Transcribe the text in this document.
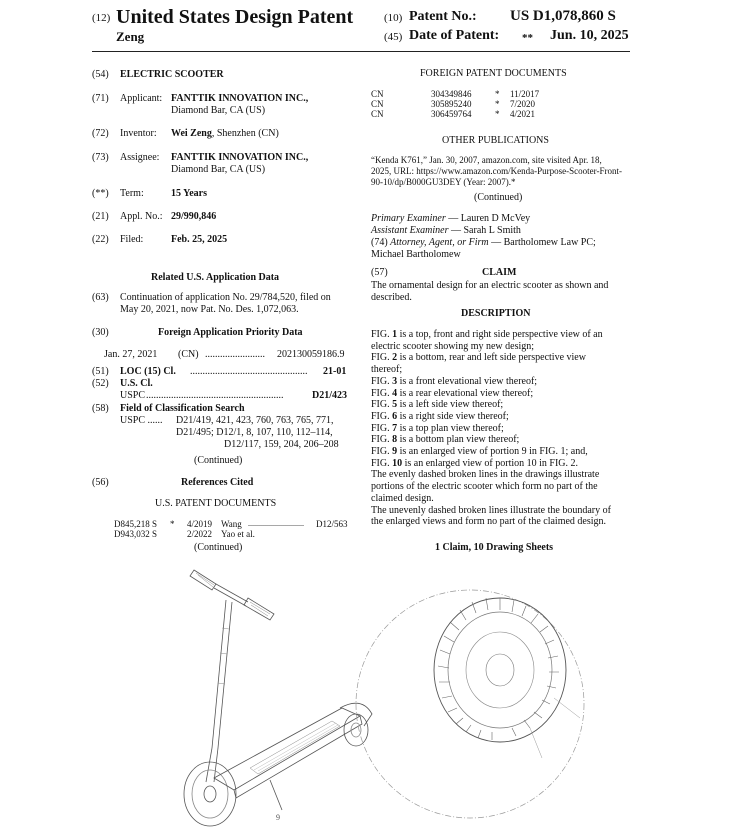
(12) United States Design Patent
Zeng
(10) Patent No.: US D1,078,860 S
(45) Date of Patent: ** Jun. 10, 2025
(54) ELECTRIC SCOOTER
(71) Applicant: FANTTIK INNOVATION INC.,
Diamond Bar, CA (US)
(72) Inventor: Wei Zeng, Shenzhen (CN)
(73) Assignee: FANTTIK INNOVATION INC.,
Diamond Bar, CA (US)
(**) Term:	15 Years
(21) Appl. No.: 29/990,846
(22) Filed:	Feb. 25, 2025
Related U.S. Application Data
(63) Continuation of application No. 29/784,520, filed on
May 20, 2021, now Pat. No. Des. 1,072,063.
(30)	Foreign Application Priority Data
Jan. 27, 2021 (CN) ........................ 202130059186.9
(51) LOC (15) Cl. ............................................... 21-01
(52) U.S. Cl.
USPC .......................................................	D21/423
(58) Field of Classification Search
USPC ...... D21/419, 421, 423, 760, 763, 765, 771,
D21/495; D12/1, 8, 107, 110, 112–114,
D12/117, 159, 204, 206–208
(Continued)
(56)	References Cited
U.S. PATENT DOCUMENTS
D845,218 S * 4/2019 Wang ............................ D12/563
D943,032 S	2/2022 Yao et al.
(Continued)
FOREIGN PATENT DOCUMENTS
CN	304349846	* 11/2017
CN	305895240	* 7/2020
CN	306459764	* 4/2021
OTHER PUBLICATIONS
“Kenda K761,” Jan. 30, 2007, amazon.com, site visited Apr. 18,
2025, URL: https://www.amazon.com/Kenda-Purpose-Scooter-Front-
90-10/dp/B000GU3DEY (Year: 2007).*
(Continued)
Primary Examiner — Lauren D McVey
Assistant Examiner — Sarah L Smith
(74) Attorney, Agent, or Firm — Bartholomew Law PC;
Michael Bartholomew
(57)	CLAIM
The ornamental design for an electric scooter as shown and
described.
DESCRIPTION
FIG. 1 is a top, front and right side perspective view of an
electric scooter showing my new design;
FIG. 2 is a bottom, rear and left side perspective view
thereof;
FIG. 3 is a front elevational view thereof;
FIG. 4 is a rear elevational view thereof;
FIG. 5 is a left side view thereof;
FIG. 6 is a right side view thereof;
FIG. 7 is a top plan view thereof;
FIG. 8 is a bottom plan view thereof;
FIG. 9 is an enlarged view of portion 9 in FIG. 1; and,
FIG. 10 is an enlarged view of portion 10 in FIG. 2.
The evenly dashed broken lines in the drawings illustrate
portions of the electric scooter which form no part of the
claimed design.
The unevenly dashed broken lines illustrate the boundary of
the enlarged views and form no part of the claimed design.
1 Claim, 10 Drawing Sheets
9
